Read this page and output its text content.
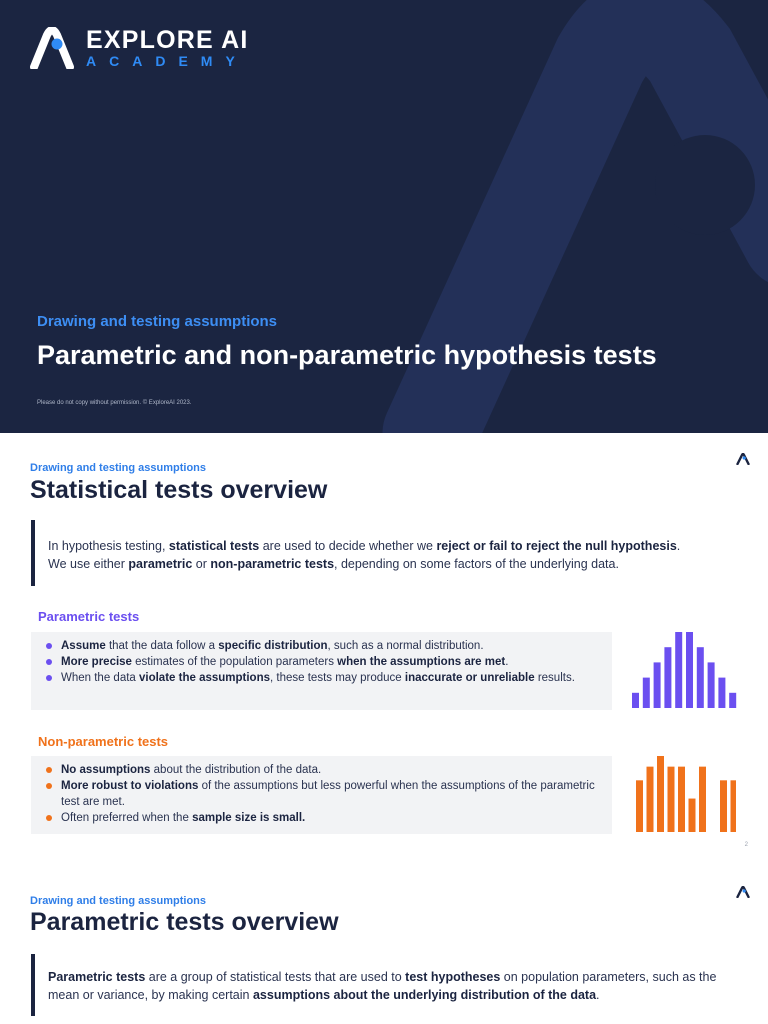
EXPLORE AI
ACADEMY
Drawing and testing assumptions
Parametric and non-parametric hypothesis tests
Please do not copy without permission. © ExploreAI 2023.
Drawing and testing assumptions
Statistical tests overview

In hypothesis testing, statistical tests are used to decide whether we reject or fail to reject the null hypothesis.

We use either parametric or non-parametric tests, depending on some factors of the underlying data.

Parametric tests
Assume that the data follow a specific distribution, such as a normal distribution.
More precise estimates of the population parameters when the assumptions are met.
When the data violate the assumptions, these tests may produce inaccurate or unreliable results.
Non-parametric tests
No assumptions about the distribution of the data.
More robust to violations of the assumptions but less powerful when the assumptions of the parametric test are met.
Often preferred when the sample size is small.
2
Drawing and testing assumptions
Parametric tests overview

Parametric tests are a group of statistical tests that are used to test hypotheses on population parameters, such as the mean or variance, by making certain assumptions about the underlying distribution of the data.
